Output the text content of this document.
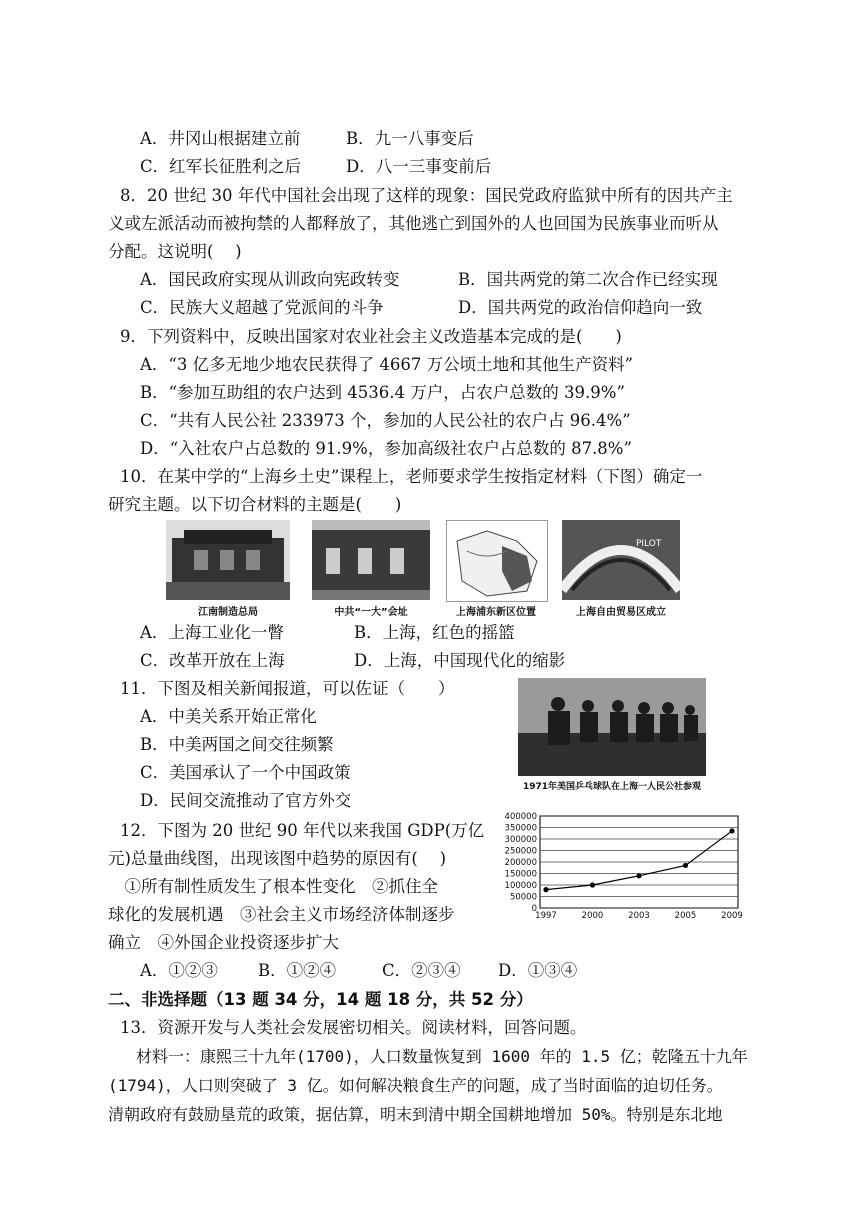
A．井冈山根据建立前	B．九一八事变后
C．红军长征胜利之后	D．八一三事变前后
8．20 世纪 30 年代中国社会出现了这样的现象：国民党政府监狱中所有的因共产主
义或左派活动而被拘禁的人都释放了，其他逃亡到国外的人也回国为民族事业而听从
分配。这说明(　 )
A．国民政府实现从训政向宪政转变	B．国共两党的第二次合作已经实现
C．民族大义超越了党派间的斗争	D．国共两党的政治信仰趋向一致
9．下列资料中，反映出国家对农业社会主义改造基本完成的是(　　)
A．“3 亿多无地少地农民获得了 4667 万公顷土地和其他生产资料”
B．“参加互助组的农户达到 4536.4 万户，占农户总数的 39.9%”
C．“共有人民公社 233973 个，参加的人民公社的农户占 96.4%”
D．“入社农户占总数的 91.9%，参加高级社农户占总数的 87.8%”
10．在某中学的“上海乡土史”课程上，老师要求学生按指定材料（下图）确定一
研究主题。以下切合材料的主题是(　　)
江南制造总局	中共“一大”会址	上海浦东新区位置
PILOT
上海自由贸易区成立
A．上海工业化一瞥	B．上海，红色的摇篮
C．改革开放在上海	D．上海，中国现代化的缩影
11．下图及相关新闻报道，可以佐证（　　）
A．中美关系开始正常化
B．中美两国之间交往频繁
C．美国承认了一个中国政策
D．民间交流推动了官方外交
1971年美国乒乓球队在上海一人民公社参观
12．下图为 20 世纪 90 年代以来我国 GDP(万亿
元)总量曲线图，出现该图中趋势的原因有(　 )
　①所有制性质发生了根本性变化　②抓住全
球化的发展机遇　③社会主义市场经济体制逐步
确立　④外国企业投资逐步扩大
A．①②③ B．①②④	C．②③④ D．①③④
400000
350000
300000
250000
200000
150000
100000
50000
0
1997	2000	2003	2005	2009
二、非选择题（13 题 34 分，14 题 18 分，共 52 分）
13．资源开发与人类社会发展密切相关。阅读材料，回答问题。
材料一：康熙三十九年(1700)，人口数量恢复到 1600 年的 1.5 亿；乾隆五十九年
(1794)，人口则突破了 3 亿。如何解决粮食生产的问题，成了当时面临的迫切任务。
清朝政府有鼓励垦荒的政策，据估算，明末到清中期全国耕地增加 50%。特别是东北地
